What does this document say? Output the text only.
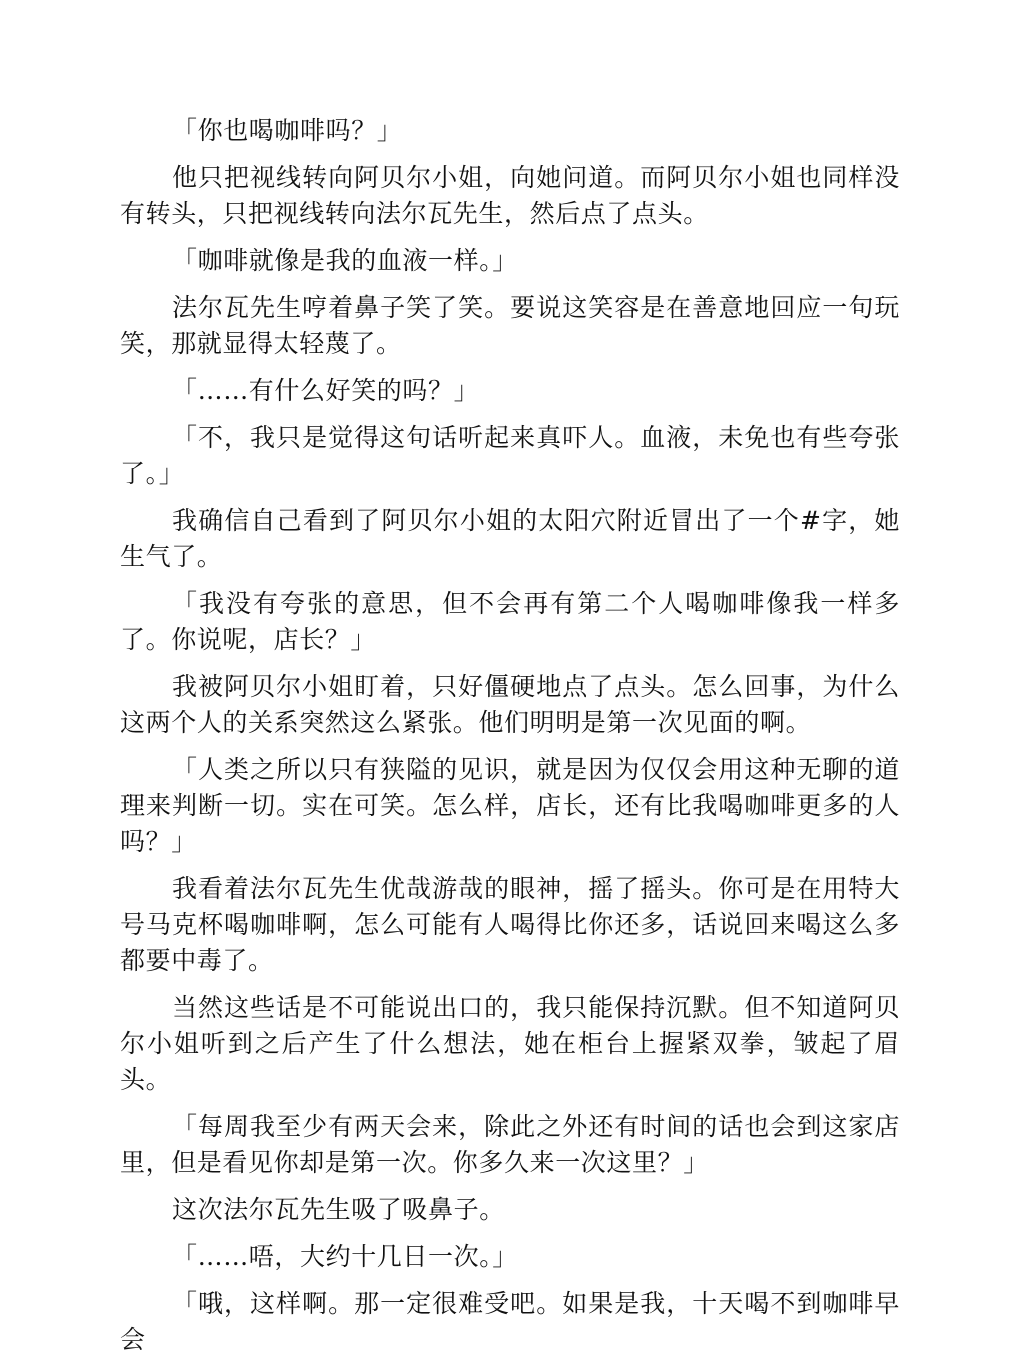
「你也喝咖啡吗？」

他只把视线转向阿贝尔小姐，向她问道。而阿贝尔小姐也同样没有转头，只把视线转向法尔瓦先生，然后点了点头。

「咖啡就像是我的血液一样。」

法尔瓦先生哼着鼻子笑了笑。要说这笑容是在善意地回应一句玩笑，那就显得太轻蔑了。

「……有什么好笑的吗？」

「不，我只是觉得这句话听起来真吓人。血液，未免也有些夸张了。」

我确信自己看到了阿贝尔小姐的太阳穴附近冒出了一个#字，她生气了。

「我没有夸张的意思，但不会再有第二个人喝咖啡像我一样多了。你说呢，店长？」

我被阿贝尔小姐盯着，只好僵硬地点了点头。怎么回事，为什么这两个人的关系突然这么紧张。他们明明是第一次见面的啊。

「人类之所以只有狭隘的见识，就是因为仅仅会用这种无聊的道理来判断一切。实在可笑。怎么样，店长，还有比我喝咖啡更多的人吗？」

我看着法尔瓦先生优哉游哉的眼神，摇了摇头。你可是在用特大号马克杯喝咖啡啊，怎么可能有人喝得比你还多，话说回来喝这么多都要中毒了。

当然这些话是不可能说出口的，我只能保持沉默。但不知道阿贝尔小姐听到之后产生了什么想法，她在柜台上握紧双拳，皱起了眉头。

「每周我至少有两天会来，除此之外还有时间的话也会到这家店里，但是看见你却是第一次。你多久来一次这里？」

这次法尔瓦先生吸了吸鼻子。

「……唔，大约十几日一次。」

「哦，这样啊。那一定很难受吧。如果是我，十天喝不到咖啡早会
